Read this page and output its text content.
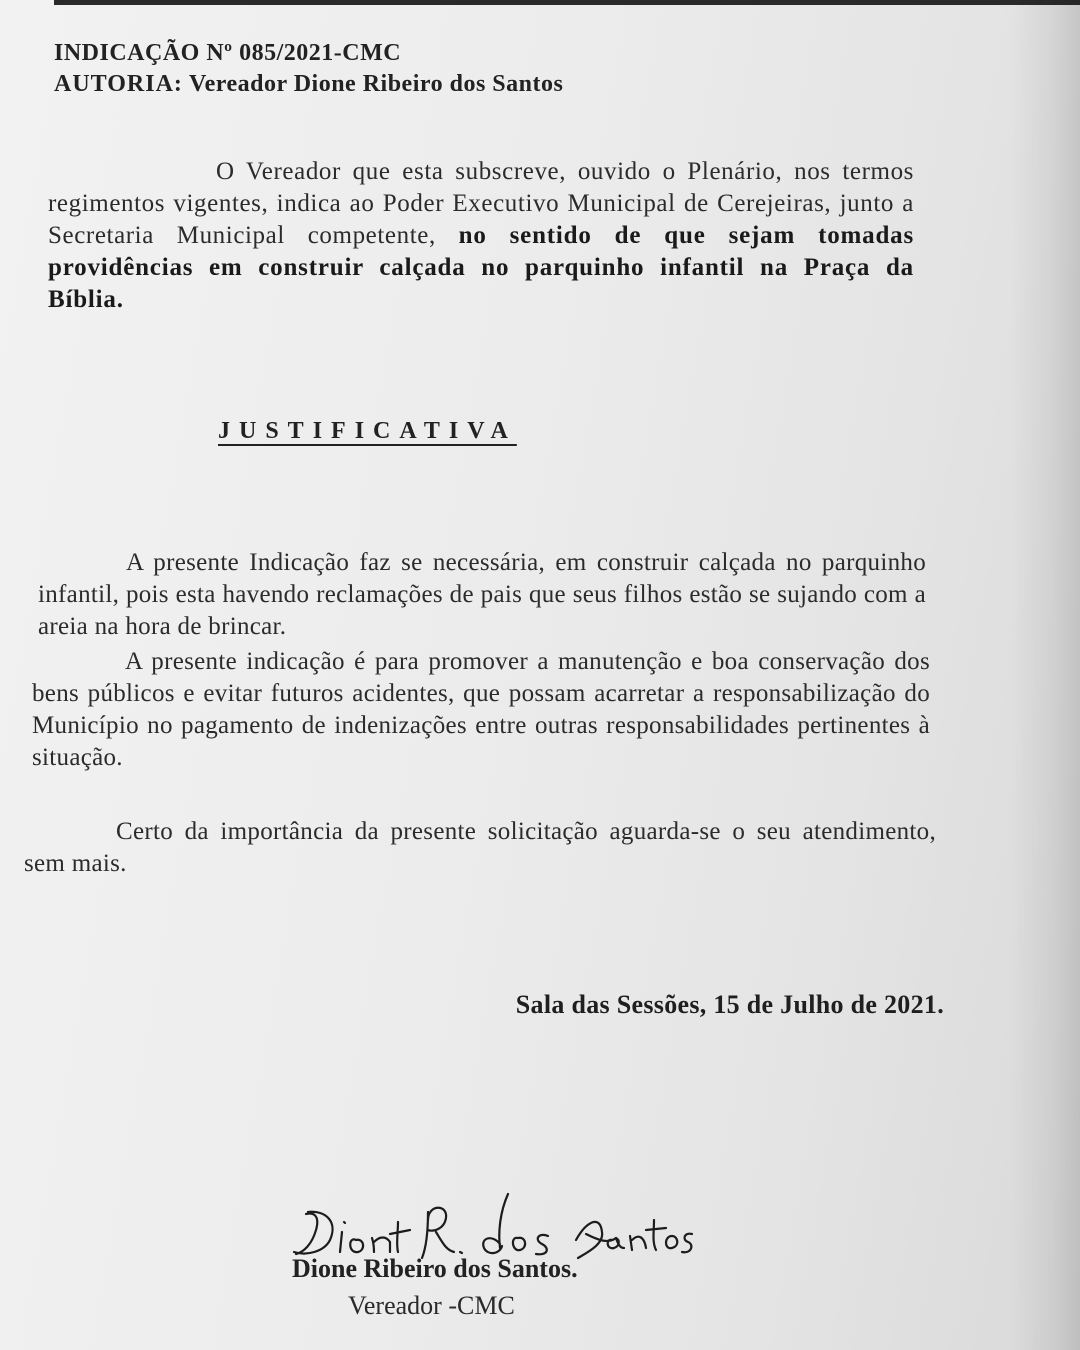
INDICAÇÃO Nº 085/2021-CMC
AUTORIA: Vereador Dione Ribeiro dos Santos
O Vereador que esta subscreve, ouvido o Plenário, nos termos regimentos vigentes, indica ao Poder Executivo Municipal de Cerejeiras, junto a Secretaria Municipal competente, no sentido de que sejam tomadas providências em construir calçada no parquinho infantil na Praça da Bíblia.
JUSTIFICATIVA
A presente Indicação faz se necessária, em construir calçada no parquinho infantil, pois esta havendo reclamações de pais que seus filhos estão se sujando com a areia na hora de brincar.
A presente indicação é para promover a manutenção e boa conservação dos bens públicos e evitar futuros acidentes, que possam acarretar a responsabilização do Município no pagamento de indenizações entre outras responsabilidades pertinentes à situação.
Certo da importância da presente solicitação aguarda-se o seu atendimento, sem mais.
Sala das Sessões, 15 de Julho de 2021.
Dione R. dos Santos
Dione Ribeiro dos Santos.
Vereador -CMC
